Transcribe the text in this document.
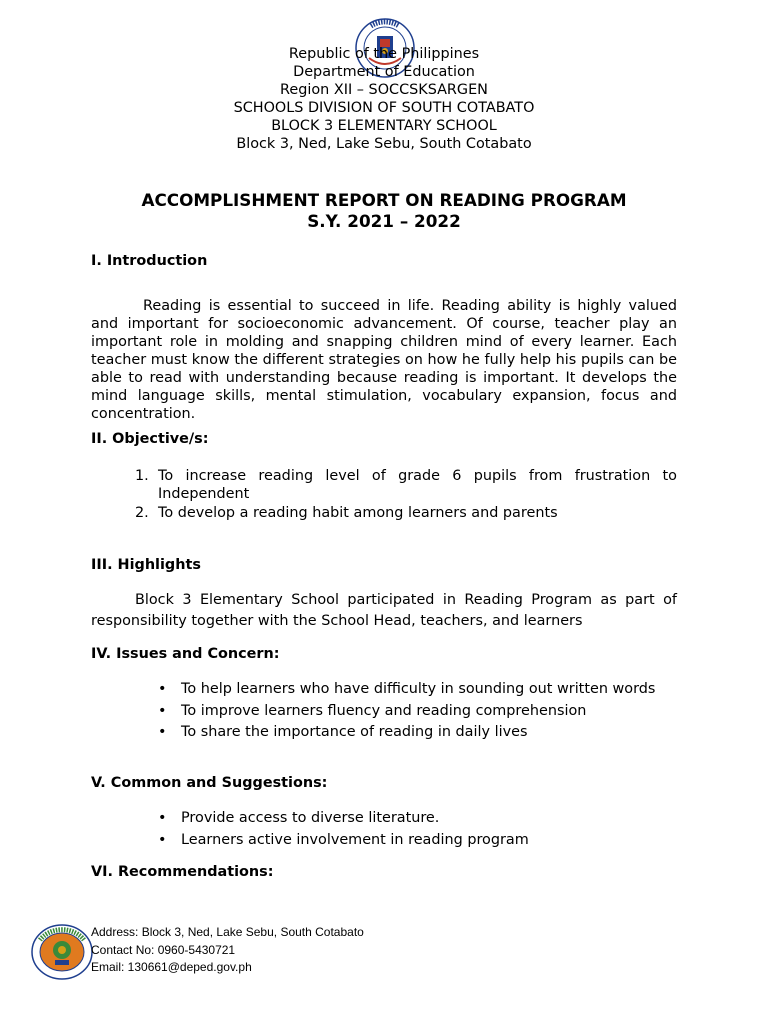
Republic of the Philippines
Department of Education
Region XII – SOCCSKSARGEN
SCHOOLS DIVISION OF SOUTH COTABATO
BLOCK 3 ELEMENTARY SCHOOL
Block 3, Ned, Lake Sebu, South Cotabato
ACCOMPLISHMENT REPORT ON READING PROGRAM
S.Y. 2021 – 2022
I. Introduction
Reading is essential to succeed in life. Reading ability is highly valued and important for socioeconomic advancement. Of course, teacher play an important role in molding and snapping children mind of every learner. Each teacher must know the different strategies on how he fully help his pupils can be able to read with understanding because reading is important. It develops the mind language skills, mental stimulation, vocabulary expansion, focus and concentration.
II. Objective/s:
1. To increase reading level of grade 6 pupils from frustration to Independent
2. To develop a reading habit among learners and parents
III. Highlights
Block 3 Elementary School participated in Reading Program as part of responsibility together with the School Head, teachers, and learners
IV. Issues and Concern:
• To help learners who have difficulty in sounding out written words
• To improve learners fluency and reading comprehension
• To share the importance of reading in daily lives
V. Common and Suggestions:
• Provide access to diverse literature.
• Learners active involvement in reading program
VI. Recommendations:
Address: Block 3, Ned, Lake Sebu, South Cotabato
Contact No: 0960-5430721
Email: 130661@deped.gov.ph
